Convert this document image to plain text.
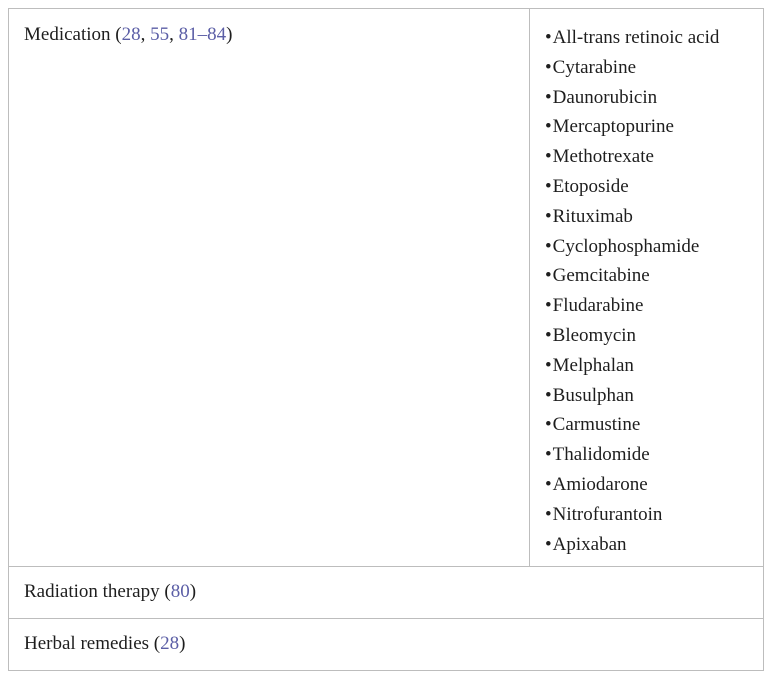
Medication (28, 55, 81–84)
•	All-trans retinoic acid
• Cytarabine
• Daunorubicin
• Mercaptopurine
• Methotrexate
• Etoposide
• Rituximab
• Cyclophosphamide
• Gemcitabine
• Fludarabine
• Bleomycin
• Melphalan
• Busulphan
• Carmustine
• Thalidomide
• Amiodarone
• Nitrofurantoin
• Apixaban
Radiation therapy (80)
Herbal remedies (28)
